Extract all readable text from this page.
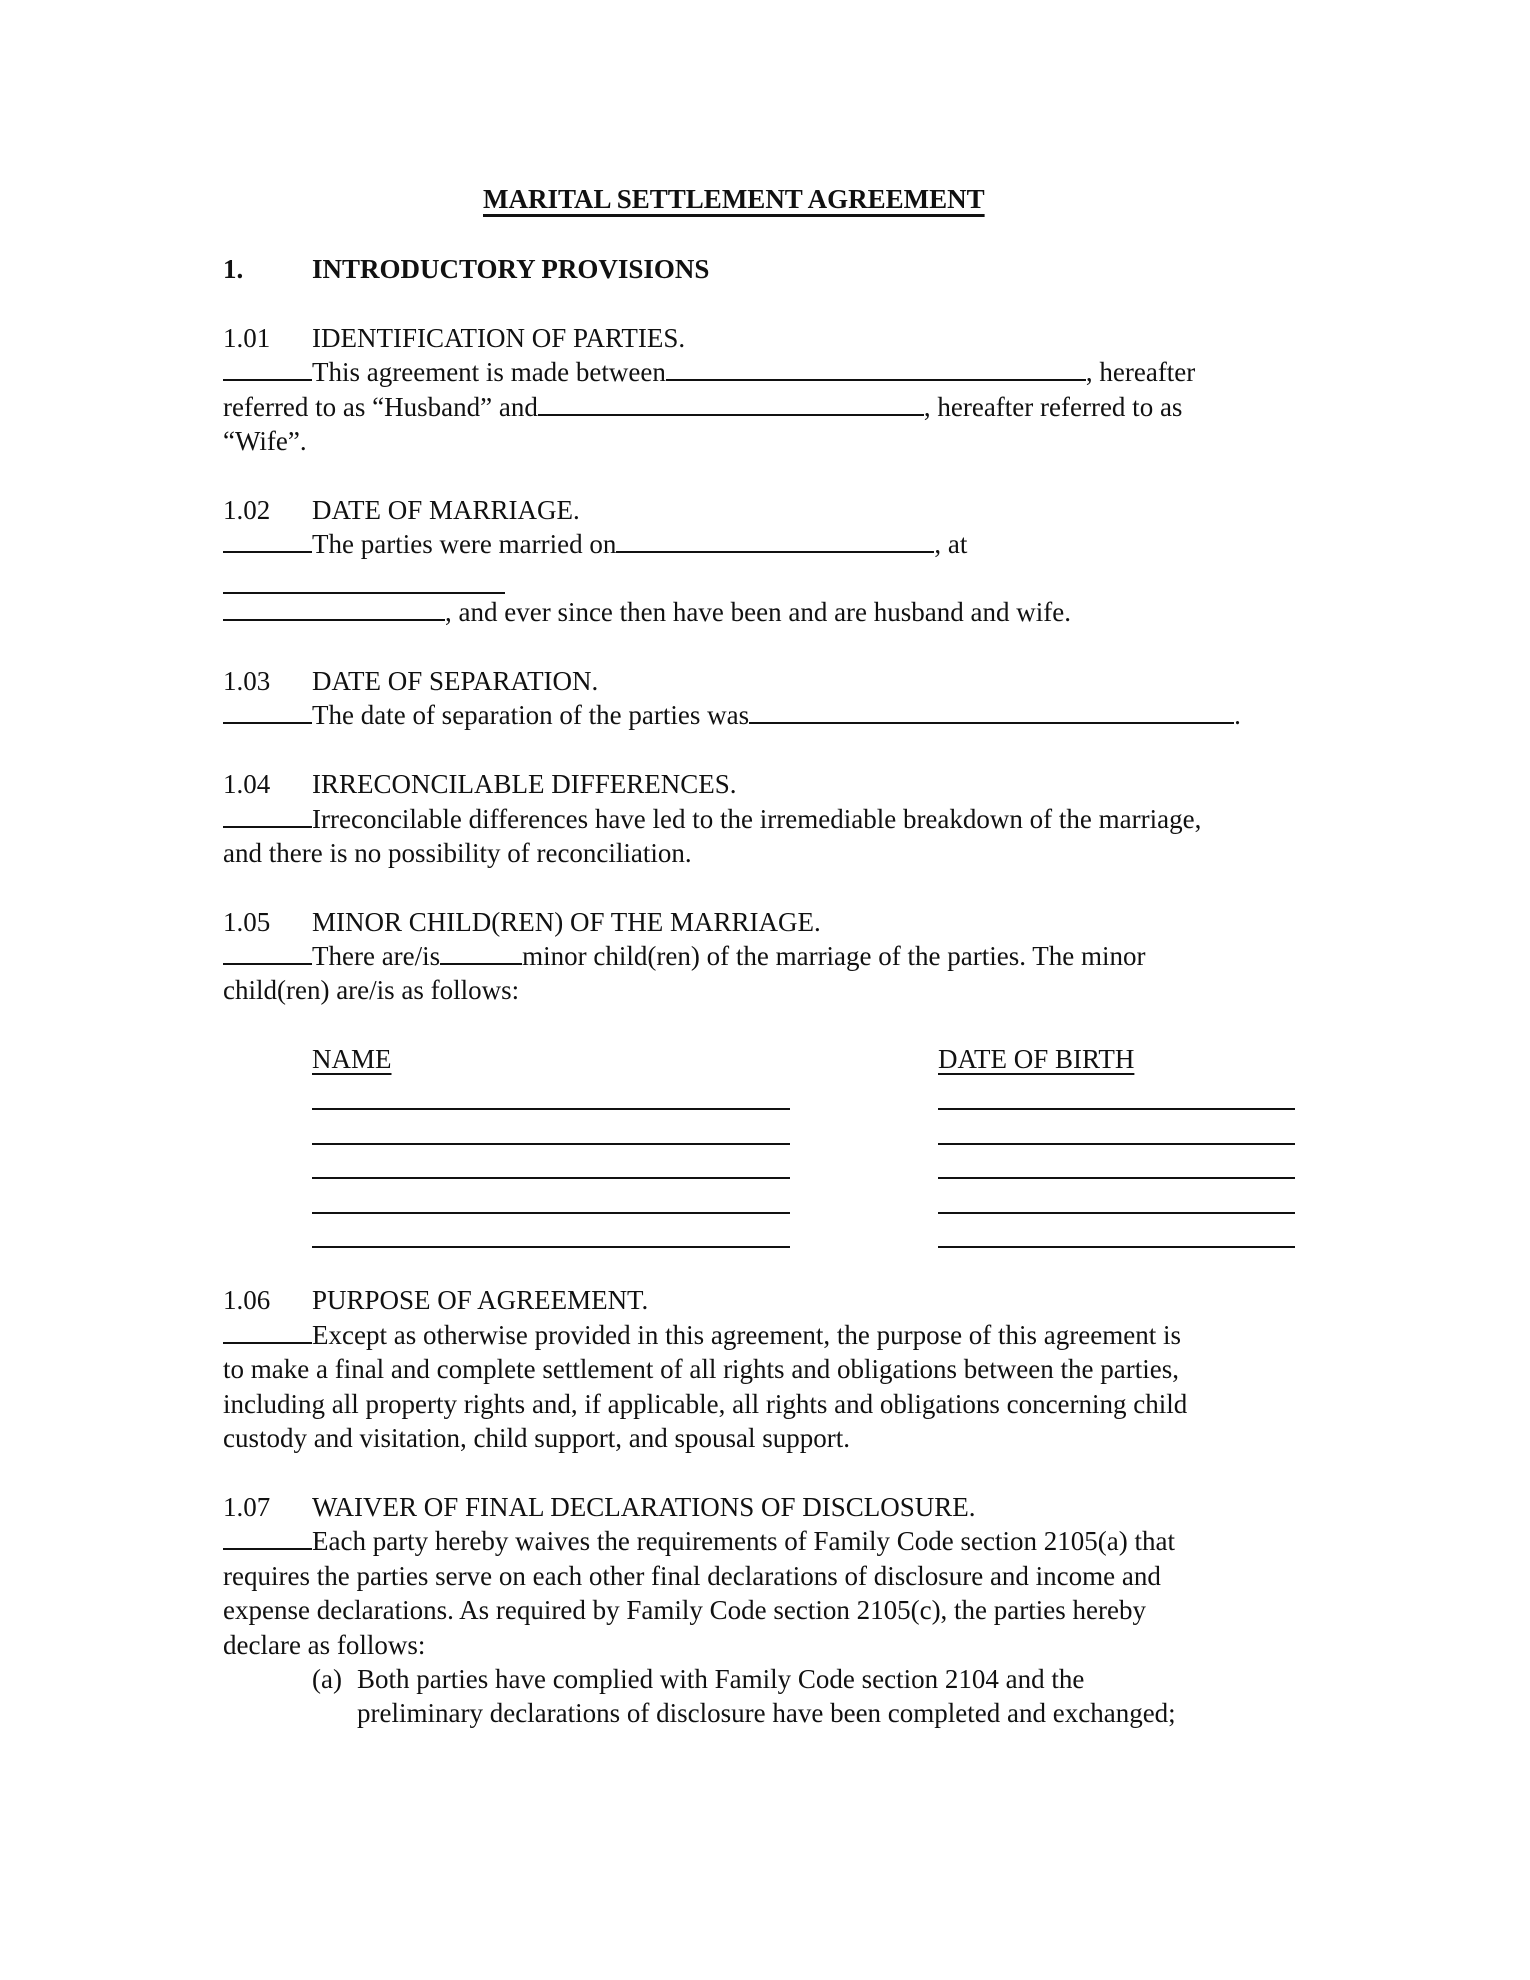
MARITAL SETTLEMENT AGREEMENT
1.	INTRODUCTORY PROVISIONS
1.01 IDENTIFICATION OF PARTIES.
This agreement is made between	, hereafter
referred to as “Husband” and	, hereafter referred to as
“Wife”.
1.02 DATE OF MARRIAGE.
The parties were married on	, at
, and ever since then have been and are husband and wife.
1.03 DATE OF SEPARATION.
The date of separation of the parties was	.
1.04 IRRECONCILABLE DIFFERENCES.
Irreconcilable differences have led to the irremediable breakdown of the marriage,
and there is no possibility of reconciliation.
1.05 MINOR CHILD(REN) OF THE MARRIAGE.
There are/is	minor child(ren) of the marriage of the parties. The minor
child(ren) are/is as follows:
NAME	DATE OF BIRTH
1.06 PURPOSE OF AGREEMENT.
Except as otherwise provided in this agreement, the purpose of this agreement is
to make a final and complete settlement of all rights and obligations between the parties,
including all property rights and, if applicable, all rights and obligations concerning child
custody and visitation, child support, and spousal support.
1.07 WAIVER OF FINAL DECLARATIONS OF DISCLOSURE.
Each party hereby waives the requirements of Family Code section 2105(a) that
requires the parties serve on each other final declarations of disclosure and income and
expense declarations. As required by Family Code section 2105(c), the parties hereby
declare as follows:
(a) Both parties have complied with Family Code section 2104 and the
preliminary declarations of disclosure have been completed and exchanged;
